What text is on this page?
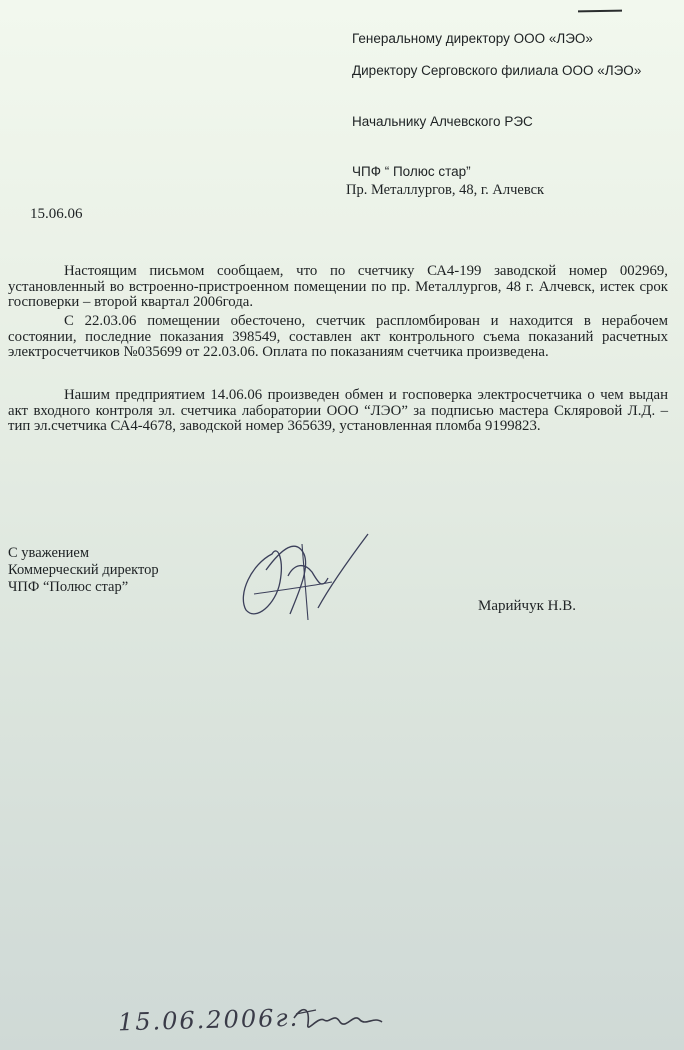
Генеральному директору ООО «ЛЭО»

Директору Серговского филиала ООО «ЛЭО»

Начальнику Алчевского РЭС

ЧПФ “ Полюс стар”

Пр. Металлургов, 48, г. Алчевск

15.06.06

Настоящим письмом сообщаем, что по счетчику СА4-199 заводской номер 002969, установленный во встроенно-пристроенном помещении по пр. Металлургов, 48 г. Алчевск, истек срок госповерки – второй квартал 2006года.

С 22.03.06 помещении обесточено, счетчик распломбирован и находится в нерабочем состоянии, последние показания 398549, составлен акт контрольного съема показаний расчетных электросчетчиков №035699 от 22.03.06. Оплата по показаниям счетчика произведена.

Нашим предприятием 14.06.06 произведен обмен и госповерка электросчетчика о чем выдан акт входного контроля эл. счетчика лаборатории ООО “ЛЭО” за подписью мастера Скляровой Л.Д. – тип эл.счетчика СА4-4678, заводской номер 365639, установленная пломба 9199823.

С уважением
Коммерческий директор
ЧПФ “Полюс стар”
Марийчук Н.В.
15.06.2006г.
